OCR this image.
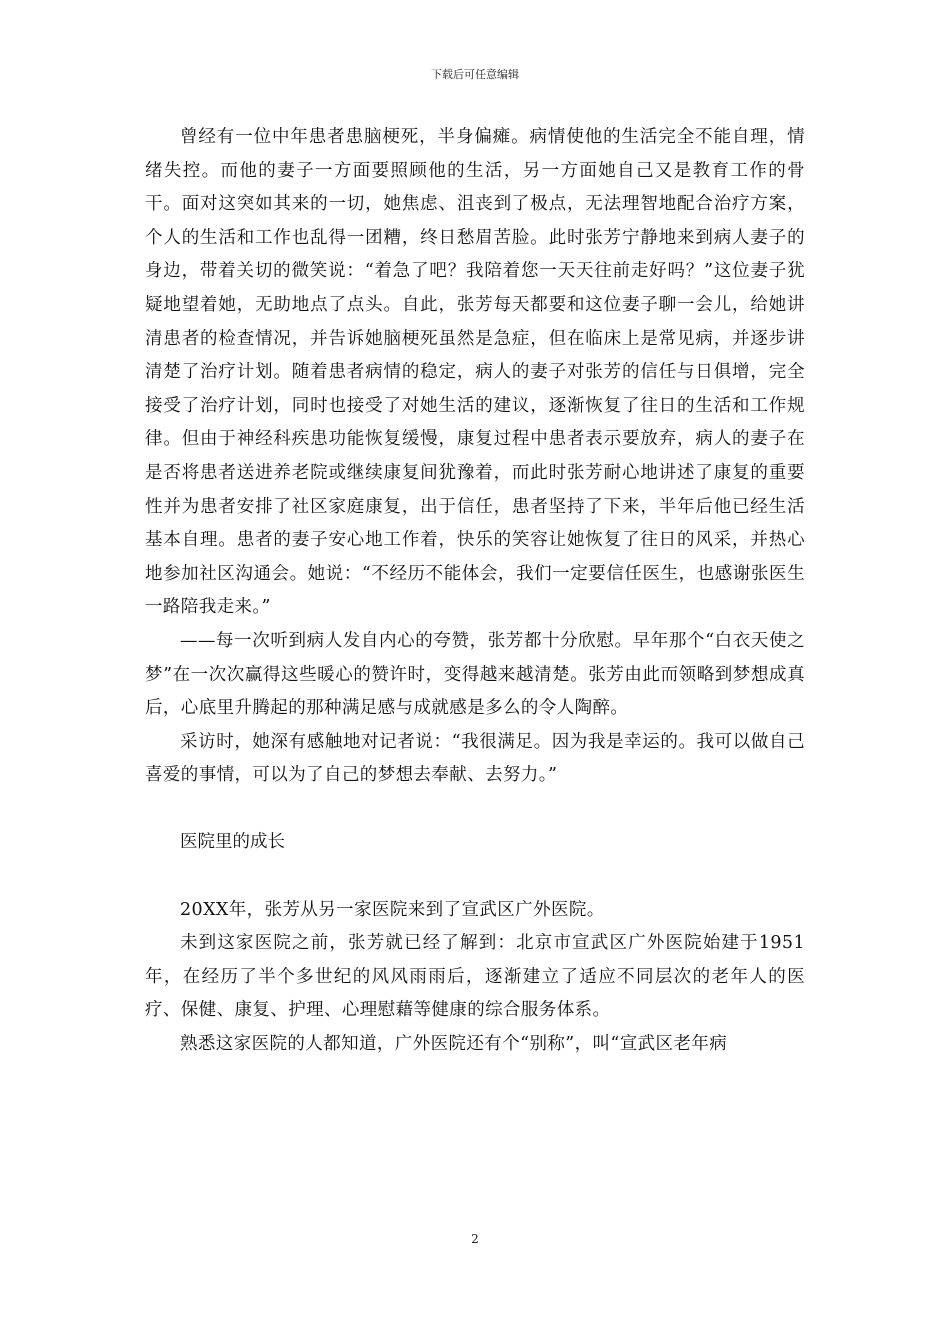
下载后可任意编辑

曾经有一位中年患者患脑梗死，半身偏瘫。病情使他的生活完全不能自理，情绪失控。而他的妻子一方面要照顾他的生活，另一方面她自己又是教育工作的骨干。面对这突如其来的一切，她焦虑、沮丧到了极点，无法理智地配合治疗方案，个人的生活和工作也乱得一团糟，终日愁眉苦脸。此时张芳宁静地来到病人妻子的身边，带着关切的微笑说：“着急了吧？我陪着您一天天往前走好吗？”这位妻子犹疑地望着她，无助地点了点头。自此，张芳每天都要和这位妻子聊一会儿，给她讲清患者的检查情况，并告诉她脑梗死虽然是急症，但在临床上是常见病，并逐步讲清楚了治疗计划。随着患者病情的稳定，病人的妻子对张芳的信任与日俱增，完全接受了治疗计划，同时也接受了对她生活的建议，逐渐恢复了往日的生活和工作规律。但由于神经科疾患功能恢复缓慢，康复过程中患者表示要放弃，病人的妻子在是否将患者送进养老院或继续康复间犹豫着，而此时张芳耐心地讲述了康复的重要性并为患者安排了社区家庭康复，出于信任，患者坚持了下来，半年后他已经生活基本自理。患者的妻子安心地工作着，快乐的笑容让她恢复了往日的风采，并热心地参加社区沟通会。她说：“不经历不能体会，我们一定要信任医生，也感谢张医生一路陪我走来。”

——每一次听到病人发自内心的夸赞，张芳都十分欣慰。早年那个“白衣天使之梦”在一次次赢得这些暖心的赞许时，变得越来越清楚。张芳由此而领略到梦想成真后，心底里升腾起的那种满足感与成就感是多么的令人陶醉。

采访时，她深有感触地对记者说：“我很满足。因为我是幸运的。我可以做自己喜爱的事情，可以为了自己的梦想去奉献、去努力。”

医院里的成长

20XX年，张芳从另一家医院来到了宣武区广外医院。

未到这家医院之前，张芳就已经了解到：北京市宣武区广外医院始建于1951年，在经历了半个多世纪的风风雨雨后，逐渐建立了适应不同层次的老年人的医疗、保健、康复、护理、心理慰藉等健康的综合服务体系。

熟悉这家医院的人都知道，广外医院还有个“别称”，叫“宣武区老年病

2
